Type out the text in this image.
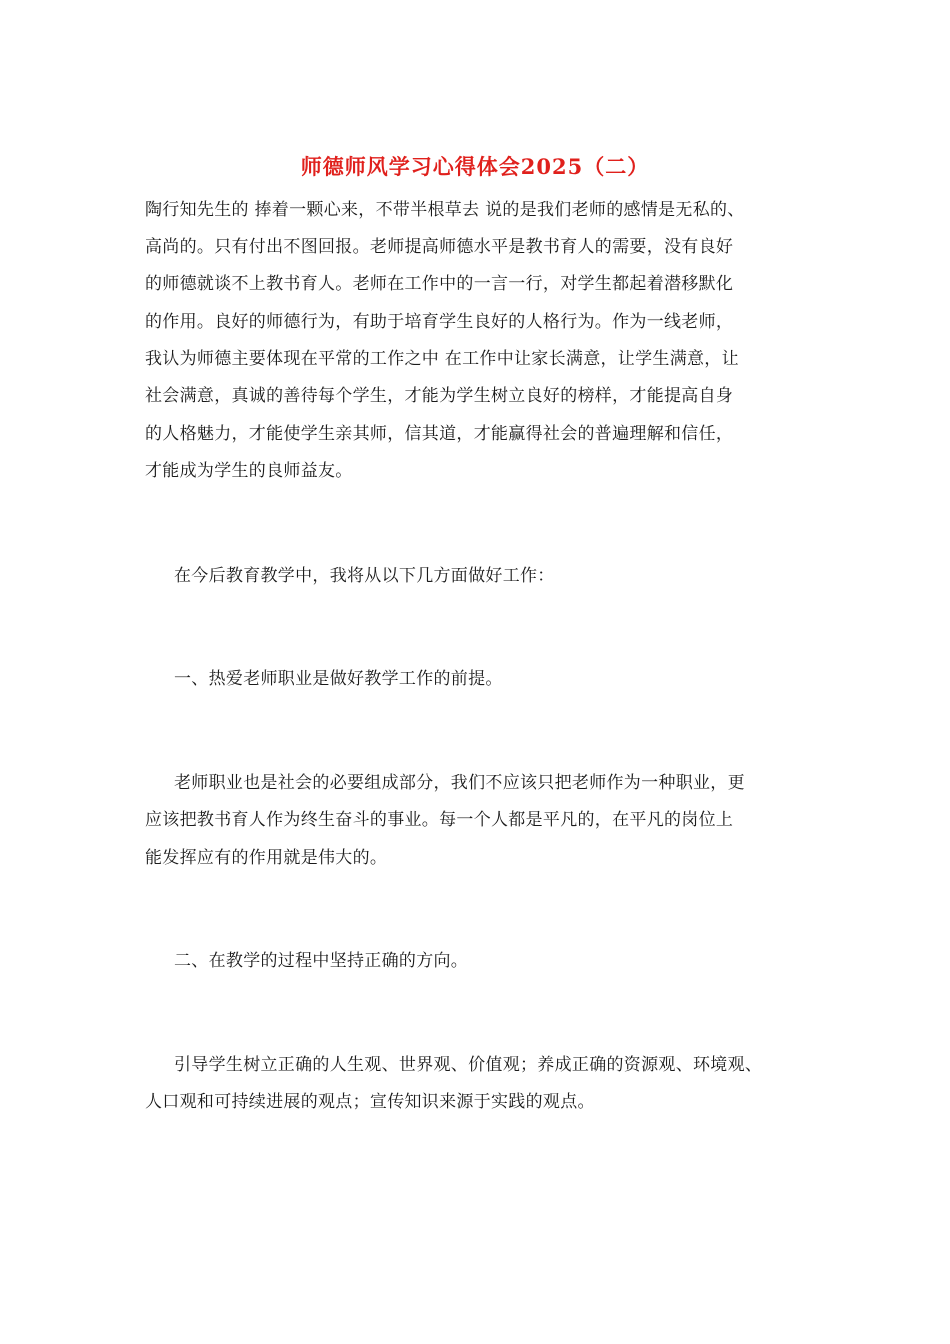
师德师风学习心得体会2025（二）
陶行知先生的 捧着一颗心来，不带半根草去 说的是我们老师的感情是无私的、
高尚的。只有付出不图回报。老师提高师德水平是教书育人的需要，没有良好
的师德就谈不上教书育人。老师在工作中的一言一行，对学生都起着潜移默化
的作用。良好的师德行为，有助于培育学生良好的人格行为。作为一线老师，
我认为师德主要体现在平常的工作之中 在工作中让家长满意，让学生满意，让
社会满意，真诚的善待每个学生，才能为学生树立良好的榜样，才能提高自身
的人格魅力，才能使学生亲其师，信其道，才能赢得社会的普遍理解和信任，
才能成为学生的良师益友。
在今后教育教学中，我将从以下几方面做好工作：
一、热爱老师职业是做好教学工作的前提。
老师职业也是社会的必要组成部分，我们不应该只把老师作为一种职业，更
应该把教书育人作为终生奋斗的事业。每一个人都是平凡的，在平凡的岗位上
能发挥应有的作用就是伟大的。
二、在教学的过程中坚持正确的方向。
引导学生树立正确的人生观、世界观、价值观；养成正确的资源观、环境观、
人口观和可持续进展的观点；宣传知识来源于实践的观点。
